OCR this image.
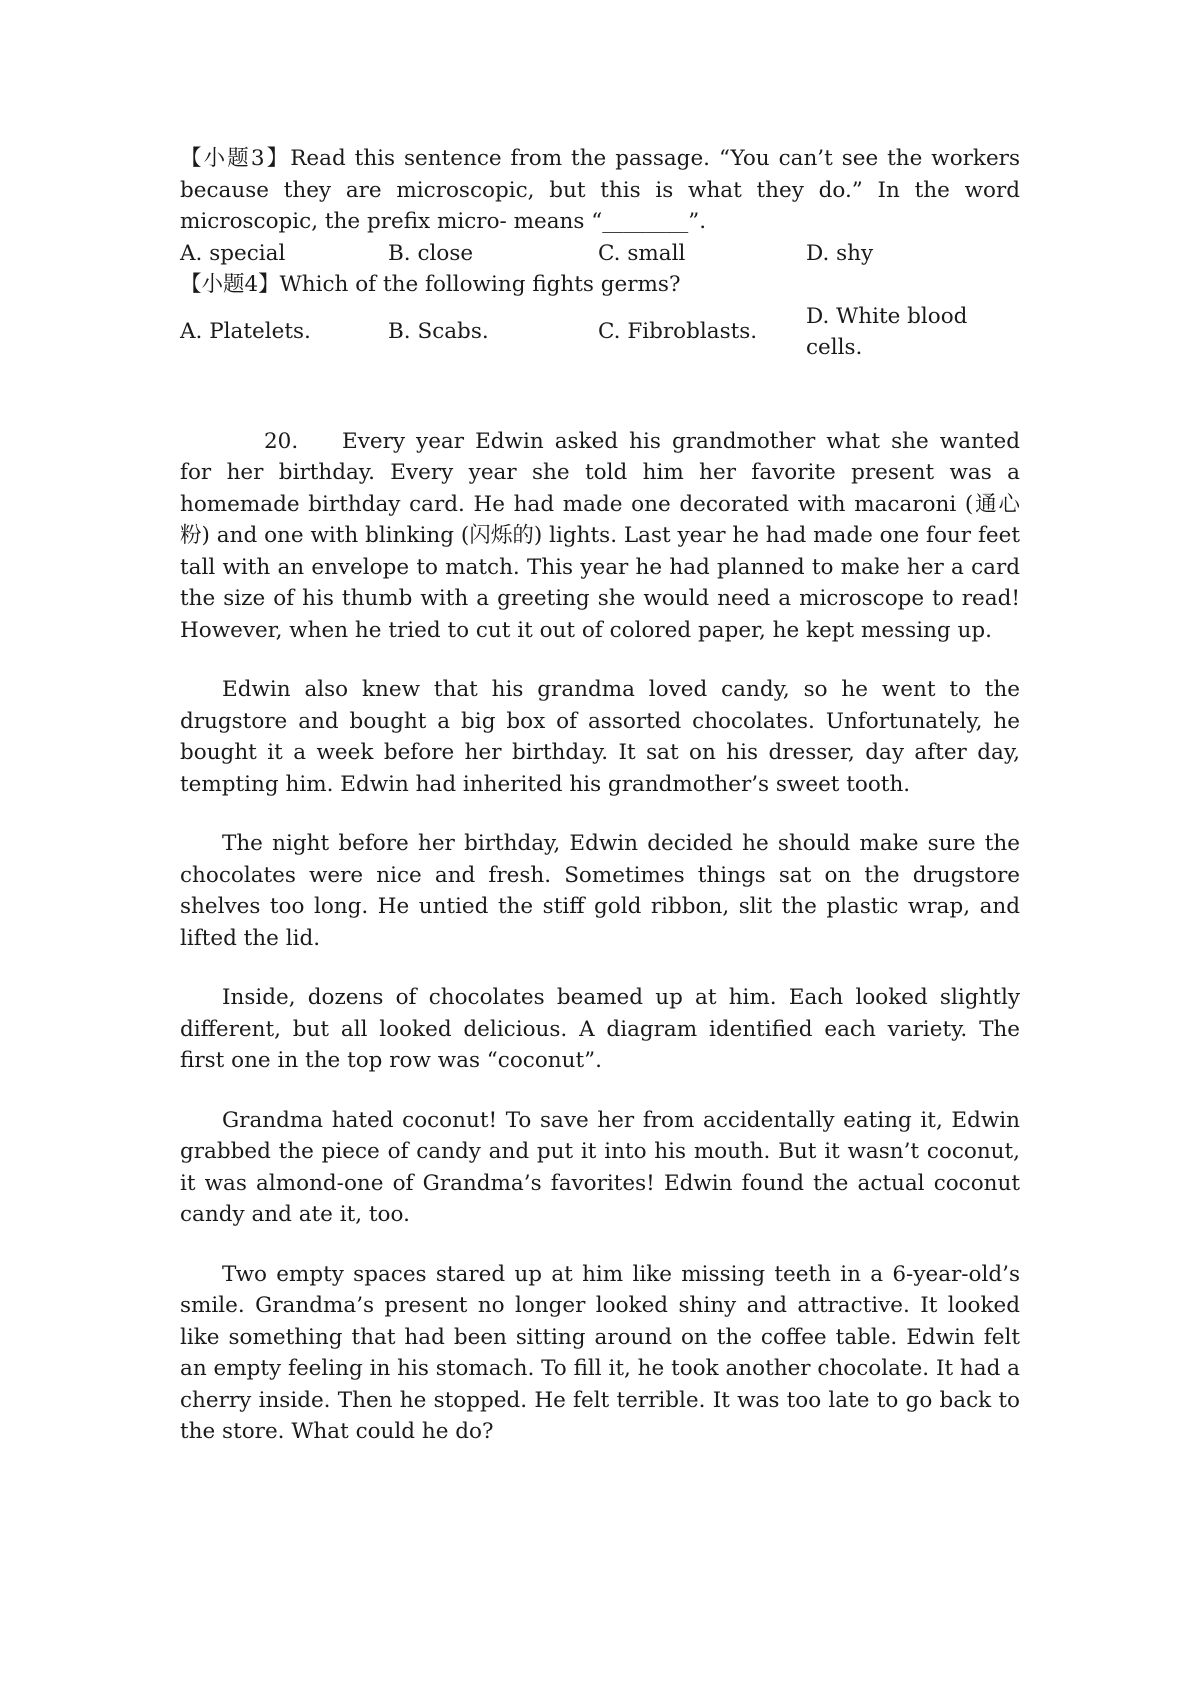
【小题3】Read this sentence from the passage. “You can’t see the workers because they are microscopic, but this is what they do.” In the word microscopic, the prefix micro- means “________”.

A. special	B. close	C. small	D. shy

【小题4】Which of the following fights germs?

A. Platelets.	B. Scabs.	C. Fibroblasts.
D. White blood cells.

20. Every year Edwin asked his grandmother what she wanted for her birthday. Every year she told him her favorite present was a homemade birthday card. He had made one decorated with macaroni (通心粉) and one with blinking (闪烁的) lights. Last year he had made one four feet tall with an envelope to match. This year he had planned to make her a card the size of his thumb with a greeting she would need a microscope to read! However, when he tried to cut it out of colored paper, he kept messing up.

Edwin also knew that his grandma loved candy, so he went to the drugstore and bought a big box of assorted chocolates. Unfortunately, he bought it a week before her birthday. It sat on his dresser, day after day, tempting him. Edwin had inherited his grandmother’s sweet tooth.

The night before her birthday, Edwin decided he should make sure the chocolates were nice and fresh. Sometimes things sat on the drugstore shelves too long. He untied the stiff gold ribbon, slit the plastic wrap, and lifted the lid.

Inside, dozens of chocolates beamed up at him. Each looked slightly different, but all looked delicious. A diagram identified each variety. The first one in the top row was “coconut”.

Grandma hated coconut! To save her from accidentally eating it, Edwin grabbed the piece of candy and put it into his mouth. But it wasn’t coconut, it was almond-one of Grandma’s favorites! Edwin found the actual coconut candy and ate it, too.

Two empty spaces stared up at him like missing teeth in a 6-year-old’s smile. Grandma’s present no longer looked shiny and attractive. It looked like something that had been sitting around on the coffee table. Edwin felt an empty feeling in his stomach. To fill it, he took another chocolate. It had a cherry inside. Then he stopped. He felt terrible. It was too late to go back to the store. What could he do?
